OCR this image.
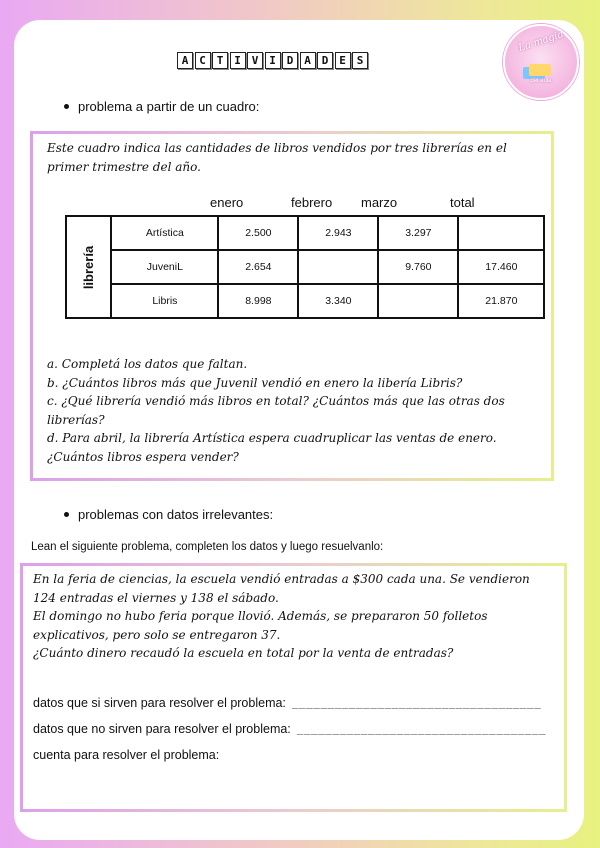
A C T I V I D A D E S
La magia
del aula
problema a partir de un cuadro:
Este cuadro indica las cantidades de libros vendidos por tres librerías en el primer trimestre del año.
enero	febrero marzo	total
librería	Artística	2.500	2.943	3.297	
	JuveniL	2.654		9.760	17.460
	Libris	8.998	3.340		21.870
a. Completá los datos que faltan.
b. ¿Cuántos libros más que Juvenil vendió en enero la libería Libris?
c. ¿Qué librería vendió más libros en total? ¿Cuántos más que las otras dos librerías?
d. Para abril, la librería Artística espera cuadruplicar las ventas de enero. ¿Cuántos libros espera vender?
problemas con datos irrelevantes:
Lean el siguiente problema, completen los datos y luego resuelvanlo:
En la feria de ciencias, la escuela vendió entradas a $300 cada una. Se vendieron 124 entradas el viernes y 138 el sábado.
El domingo no hubo feria porque llovió. Además, se prepararon 50 folletos explicativos, pero solo se entregaron 37.
¿Cuánto dinero recaudó la escuela en total por la venta de entradas?
datos que si sirven para resolver el problema: ___________________________________
datos que no sirven para resolver el problema: ___________________________________
cuenta para resolver el problema:
